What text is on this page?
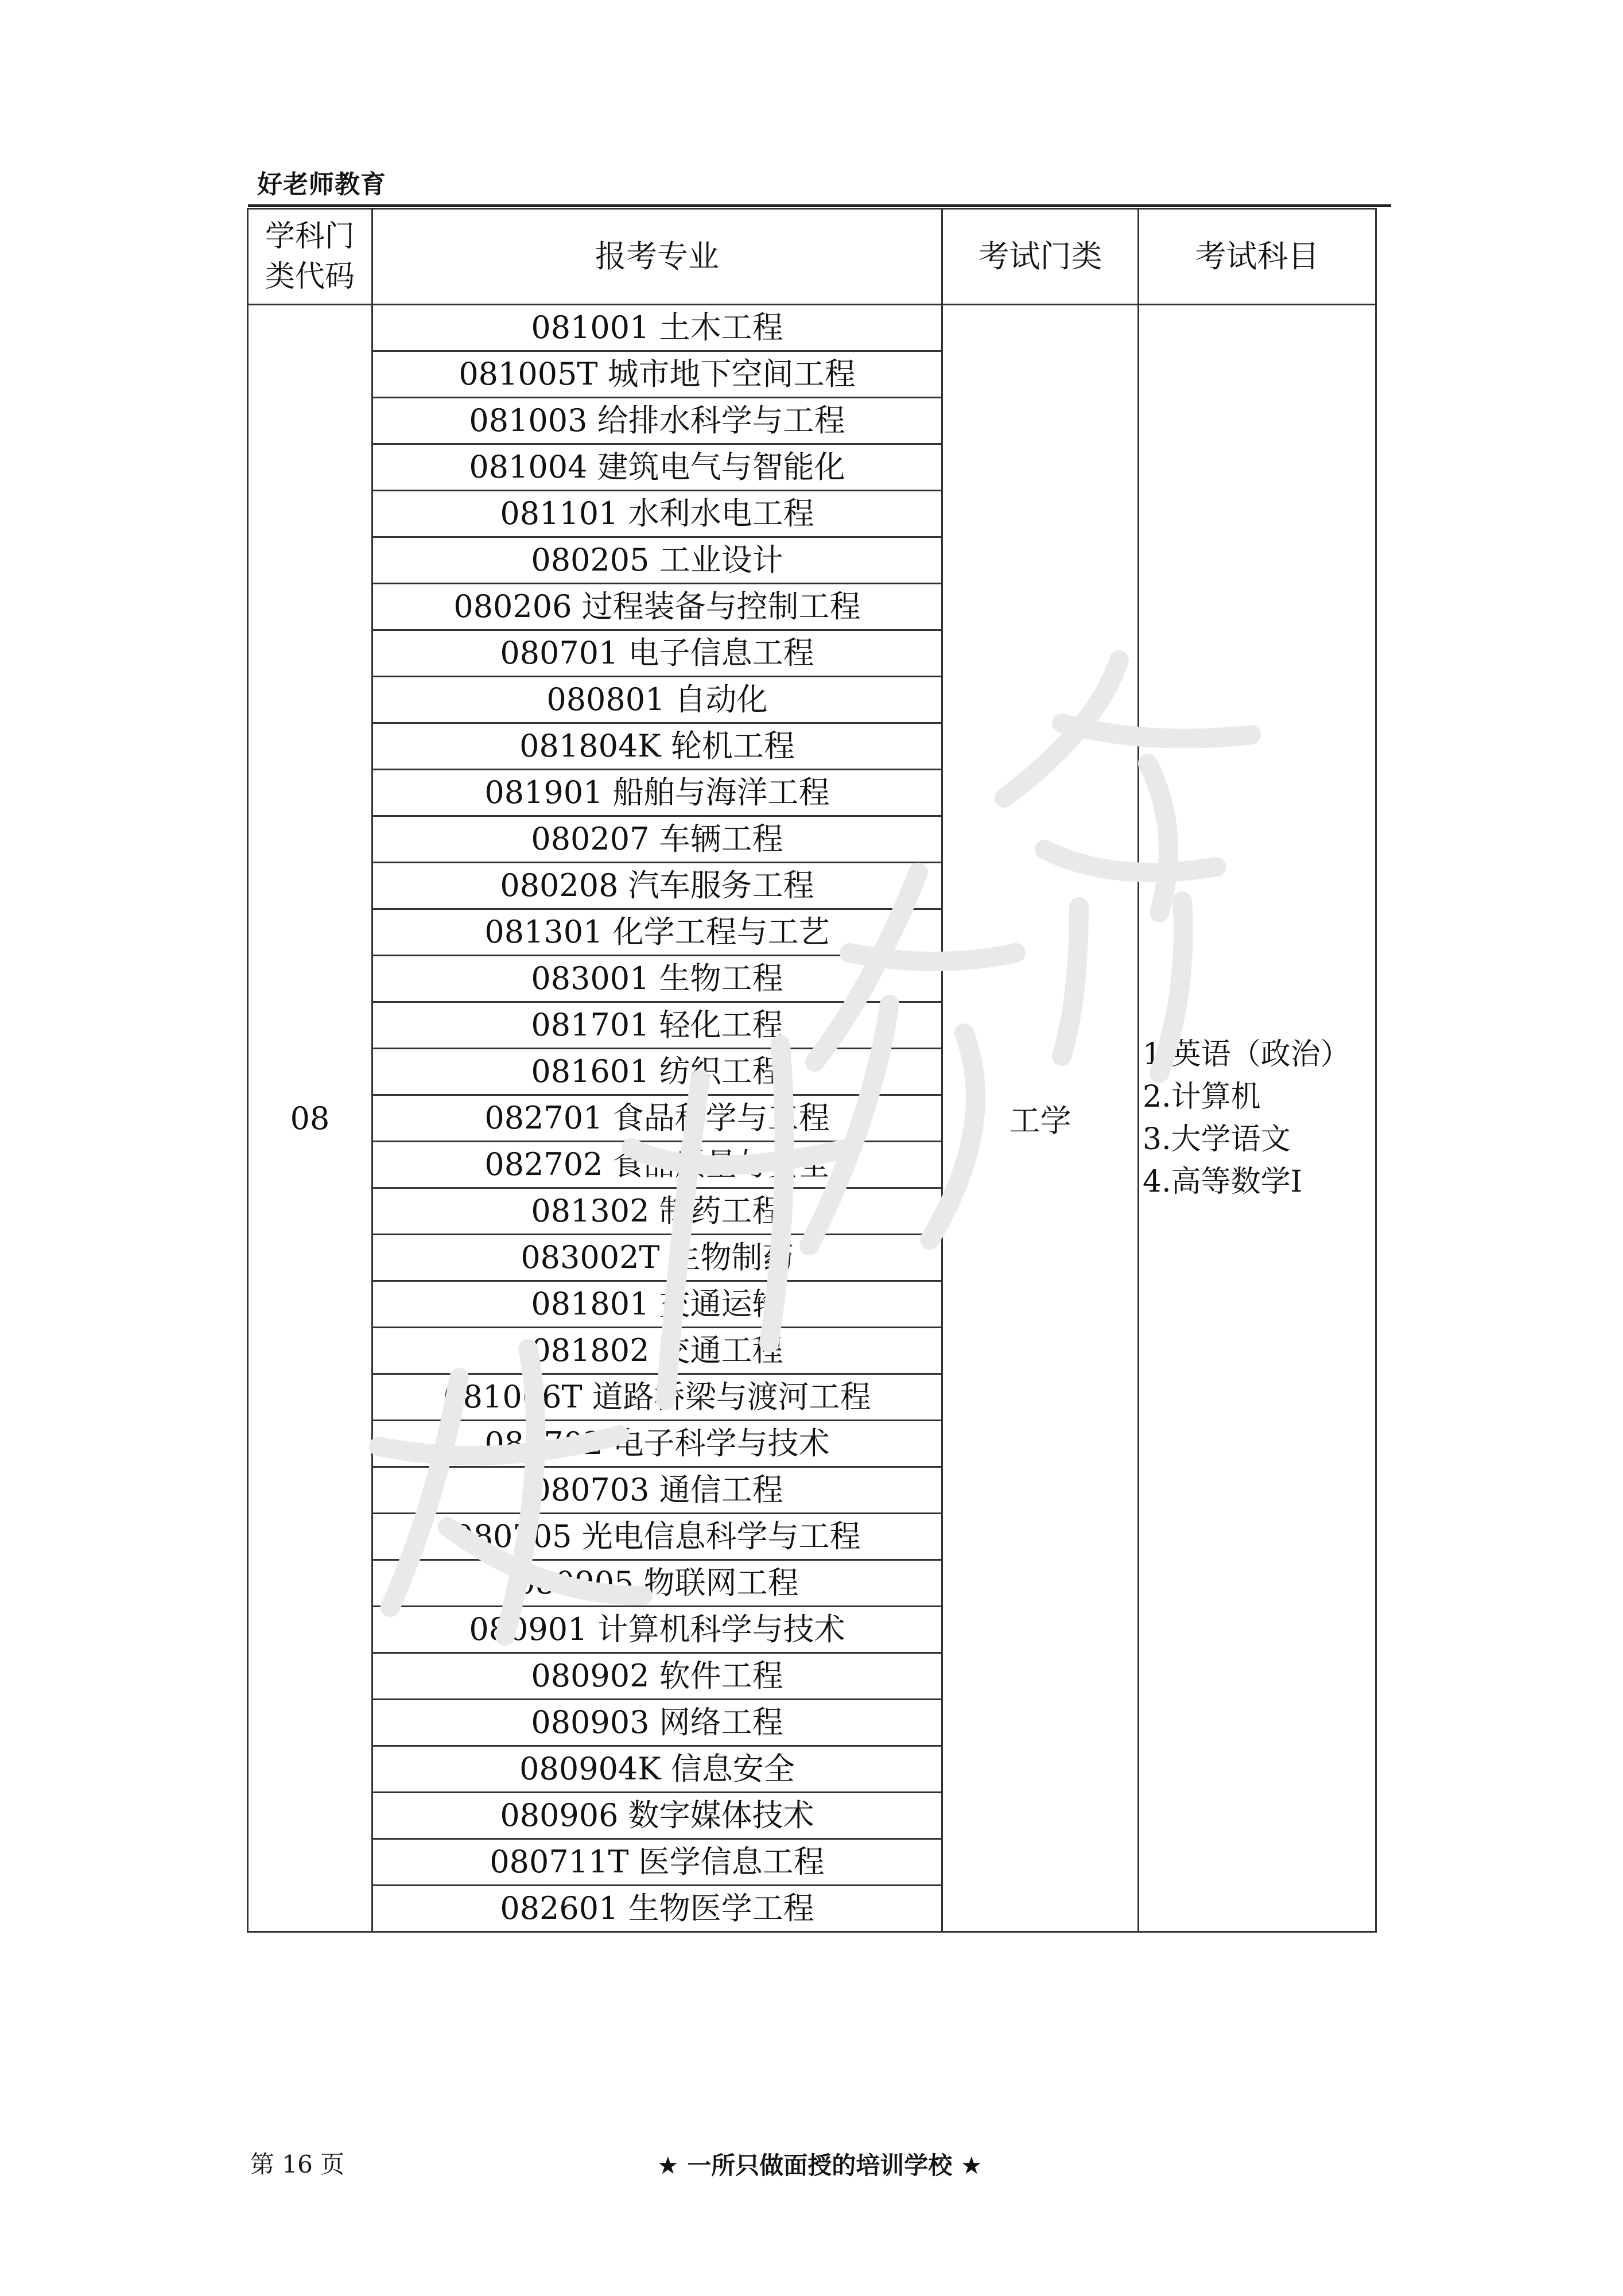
好老师教育
学科门类代码	报考专业	考试门类	考试科目
08	081001 土木工程	工学	1.英语（政治）
2.计算机
3.大学语文
4.高等数学Ⅰ

	081005T 城市地下空间工程		
	081003 给排水科学与工程		
	081004 建筑电气与智能化		
	081101 水利水电工程		
	080205 工业设计		
	080206 过程装备与控制工程		
	080701 电子信息工程		
	080801 自动化		
	081804K 轮机工程		
	081901 船舶与海洋工程		
	080207 车辆工程		
	080208 汽车服务工程		
	081301 化学工程与工艺		
	083001 生物工程		
	081701 轻化工程		
	081601 纺织工程		
	082701 食品科学与工程		
	082702 食品质量与安全		
	081302 制药工程		
	083002T 生物制药		
	081801 交通运输		
	081802 交通工程		
	081006T 道路桥梁与渡河工程		
	080702 电子科学与技术		
	080703 通信工程		
	080705 光电信息科学与工程		
	080905 物联网工程		
	080901 计算机科学与技术		
	080902 软件工程		
	080903 网络工程		
	080904K 信息安全		
	080906 数字媒体技术		
	080711T 医学信息工程		
	082601 生物医学工程		
第 16 页	★ 一所只做面授的培训学校 ★
